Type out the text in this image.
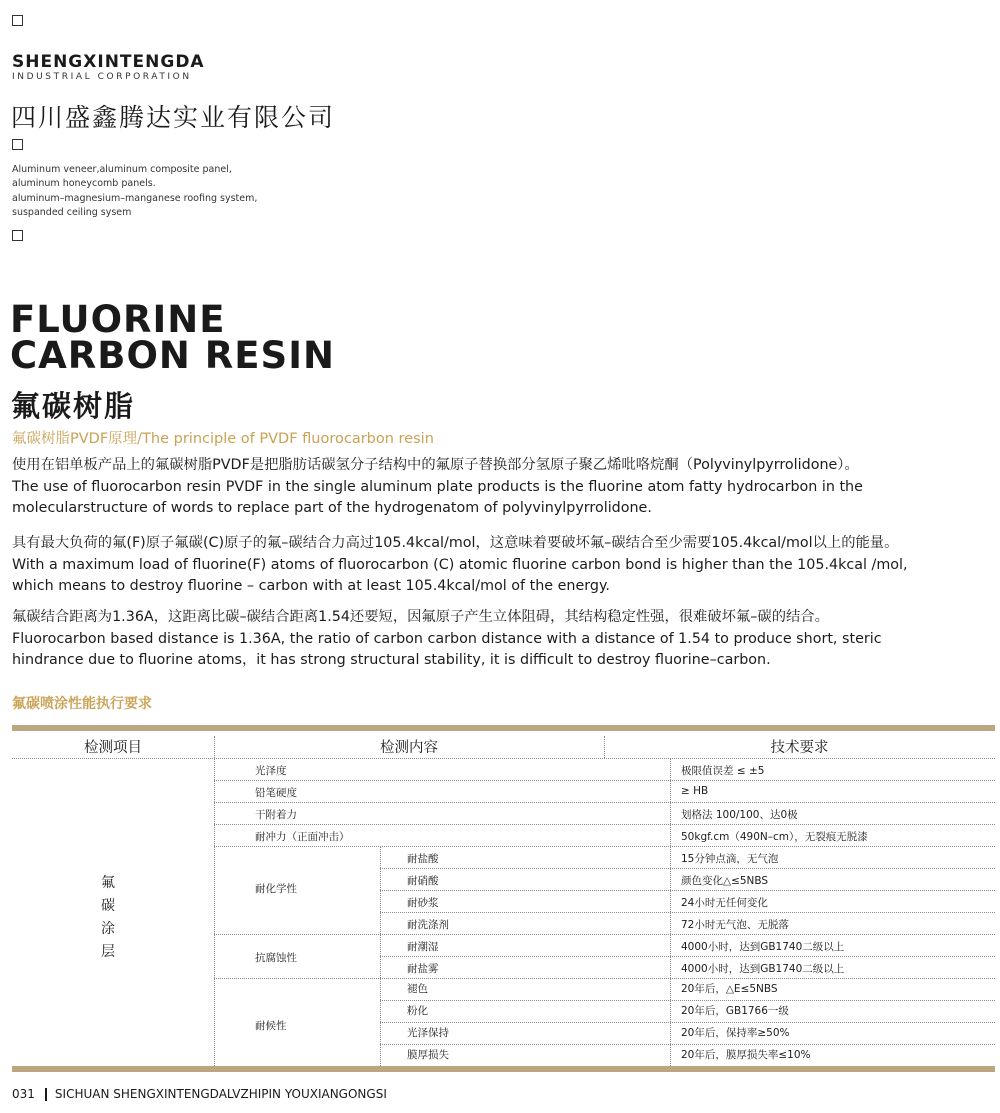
SHENGXINTENGDA
INDUSTRIAL CORPORATION
四川盛鑫腾达实业有限公司
Aluminum veneer,aluminum composite panel,
aluminum honeycomb panels.
aluminum–magnesium–manganese roofing system,
suspanded ceiling sysem
FLUORINE
CARBON RESIN
氟碳树脂
氟碳树脂PVDF原理/The principle of PVDF fluorocarbon resin
使用在铝单板产品上的氟碳树脂PVDF是把脂肪话碳氢分子结构中的氟原子替换部分氢原子聚乙烯吡咯烷酮（Polyvinylpyrrolidone）。
The use of fluorocarbon resin PVDF in the single aluminum plate products is the fluorine atom fatty hydrocarbon in the
molecularstructure of words to replace part of the hydrogenatom of polyvinylpyrrolidone.
具有最大负荷的氟(F)原子氟碳(C)原子的氟–碳结合力高过105.4kcal/mol，这意味着要破坏氟–碳结合至少需要105.4kcal/mol以上的能量。
With a maximum load of fluorine(F) atoms of fluorocarbon (C) atomic fluorine carbon bond is higher than the 105.4kcal /mol,
which means to destroy fluorine – carbon with at least 105.4kcal/mol of the energy.
氟碳结合距离为1.36A，这距离比碳–碳结合距离1.54还要短，因氟原子产生立体阻碍，其结构稳定性强，很难破坏氟–碳的结合。
Fluorocarbon based distance is 1.36A, the ratio of carbon carbon distance with a distance of 1.54 to produce short, steric
hindrance due to fluorine atoms，it has strong structural stability, it is difficult to destroy fluorine–carbon.
氟碳喷涂性能执行要求
检测项目	检测内容	技术要求
氟
碳
涂
层
光泽度	极限值误差 ≤ ±5
铅笔硬度	≥ HB
干附着力	划格法 100/100、达0极
耐冲力（正面冲击）	50kgf.cm（490N–cm），无裂痕无脱漆
耐化学性
耐盐酸	15分钟点滴，无气泡
耐硝酸	颜色变化△≤5NBS
耐砂浆	24小时无任何变化
耐洗涤剂	72小时无气泡、无脱落
抗腐蚀性
耐潮湿	4000小时，达到GB1740二级以上
耐盐雾	4000小时，达到GB1740二级以上
耐候性
褪色	20年后，△E≤5NBS
粉化	20年后，GB1766一级
光泽保持	20年后，保持率≥50%
膜厚损失	20年后，膜厚损失率≤10%
031 SICHUAN SHENGXINTENGDALVZHIPIN YOUXIANGONGSI
